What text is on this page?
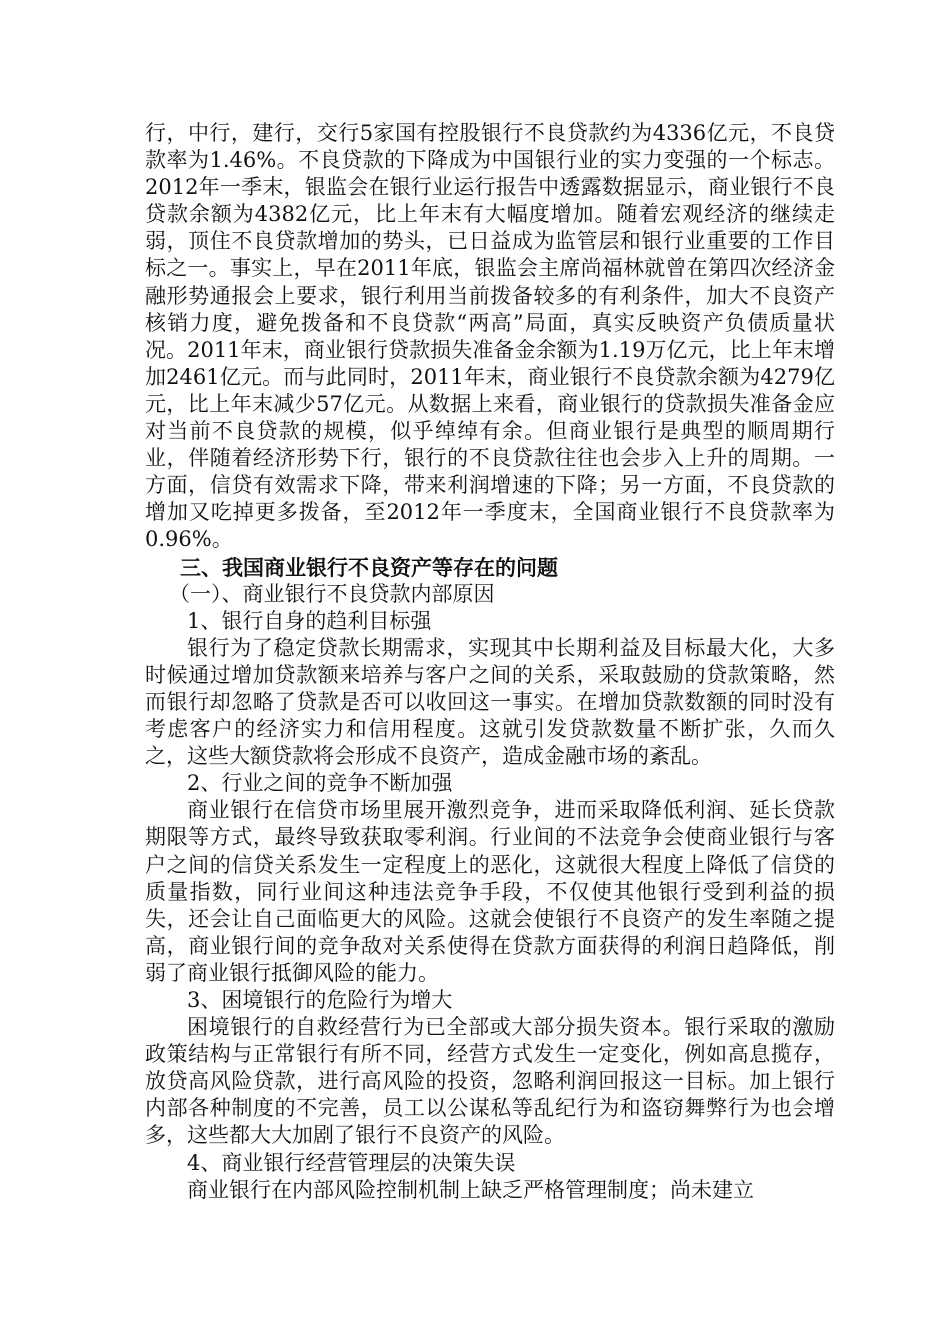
行，中行，建行，交行5家国有控股银行不良贷款约为4336亿元，不良贷款率为1.46%。不良贷款的下降成为中国银行业的实力变强的一个标志。2012年一季末，银监会在银行业运行报告中透露数据显示，商业银行不良贷款余额为4382亿元，比上年末有大幅度增加。随着宏观经济的继续走弱，顶住不良贷款增加的势头，已日益成为监管层和银行业重要的工作目标之一。事实上，早在2011年底，银监会主席尚福林就曾在第四次经济金融形势通报会上要求，银行利用当前拨备较多的有利条件，加大不良资产核销力度，避免拨备和不良贷款“两高”局面，真实反映资产负债质量状况。2011年末，商业银行贷款损失准备金余额为1.19万亿元，比上年末增加2461亿元。而与此同时，2011年末，商业银行不良贷款余额为4279亿元，比上年末减少57亿元。从数据上来看，商业银行的贷款损失准备金应对当前不良贷款的规模，似乎绰绰有余。但商业银行是典型的顺周期行业，伴随着经济形势下行，银行的不良贷款往往也会步入上升的周期。一方面，信贷有效需求下降，带来利润增速的下降；另一方面，不良贷款的增加又吃掉更多拨备，至2012年一季度末，全国商业银行不良贷款率为0.96%。

三、我国商业银行不良资产等存在的问题

（一）、商业银行不良贷款内部原因

1、银行自身的趋利目标强

银行为了稳定贷款长期需求，实现其中长期利益及目标最大化，大多时候通过增加贷款额来培养与客户之间的关系，采取鼓励的贷款策略，然而银行却忽略了贷款是否可以收回这一事实。在增加贷款数额的同时没有考虑客户的经济实力和信用程度。这就引发贷款数量不断扩张，久而久之，这些大额贷款将会形成不良资产，造成金融市场的紊乱。

2、行业之间的竞争不断加强

商业银行在信贷市场里展开激烈竞争，进而采取降低利润、延长贷款期限等方式，最终导致获取零利润。行业间的不法竞争会使商业银行与客户之间的信贷关系发生一定程度上的恶化，这就很大程度上降低了信贷的质量指数，同行业间这种违法竞争手段，不仅使其他银行受到利益的损失，还会让自己面临更大的风险。这就会使银行不良资产的发生率随之提高，商业银行间的竞争敌对关系使得在贷款方面获得的利润日趋降低，削弱了商业银行抵御风险的能力。

3、困境银行的危险行为增大

困境银行的自救经营行为已全部或大部分损失资本。银行采取的激励政策结构与正常银行有所不同，经营方式发生一定变化，例如高息揽存，放贷高风险贷款，进行高风险的投资，忽略利润回报这一目标。加上银行内部各种制度的不完善，员工以公谋私等乱纪行为和盗窃舞弊行为也会增多，这些都大大加剧了银行不良资产的风险。

4、商业银行经营管理层的决策失误

商业银行在内部风险控制机制上缺乏严格管理制度；尚未建立
